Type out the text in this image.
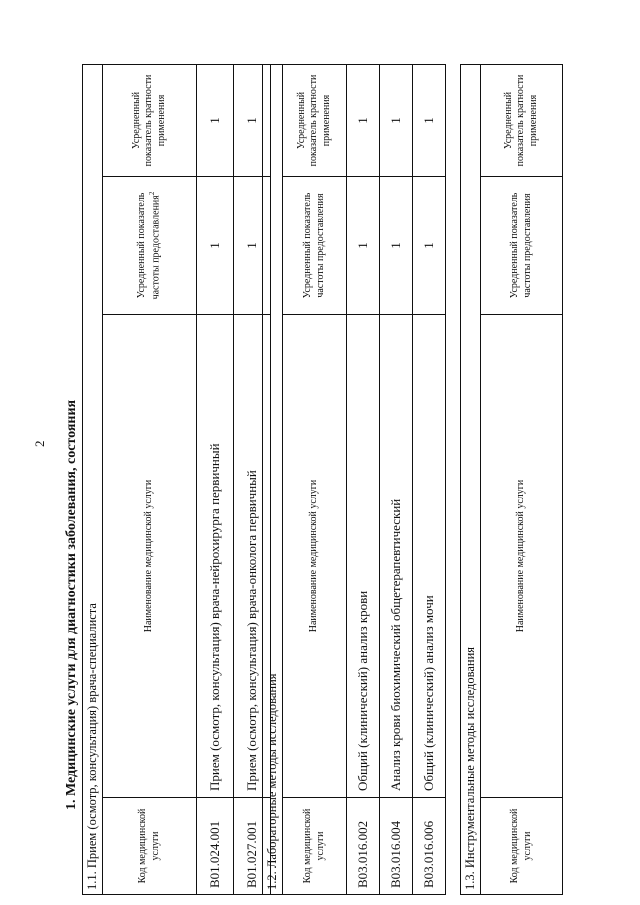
2 1. Медицинские услуги для диагностики заболевания, состояния 1.1. Прием (осмотр, консультация) врача-специалиста			
Код медицинской услуги	Наименование медицинской услуги	Усредненный показатель частоты предоставления$^2$	Усредненный показатель кратности применения
B01.024.001	Прием (осмотр, консультация) врача-нейрохирурга первичный	1	1
B01.027.001	Прием (осмотр, консультация) врача-онколога первичный	1	1
1.2. Лабораторные методы исследования			
Код медицинской услуги	Наименование медицинской услуги	Усредненный показатель частоты предоставления	Усредненный показатель кратности применения
B03.016.002	Общий (клинический) анализ крови	1	1
B03.016.004	Анализ крови биохимический общетерапевтический	1	1
B03.016.006	Общий (клинический) анализ мочи	1	1
1.3. Инструментальные методы исследования
Код медицинской услуги	Наименование медицинской услуги	Усредненный показатель частоты предоставления	Усредненный показатель кратности применения
